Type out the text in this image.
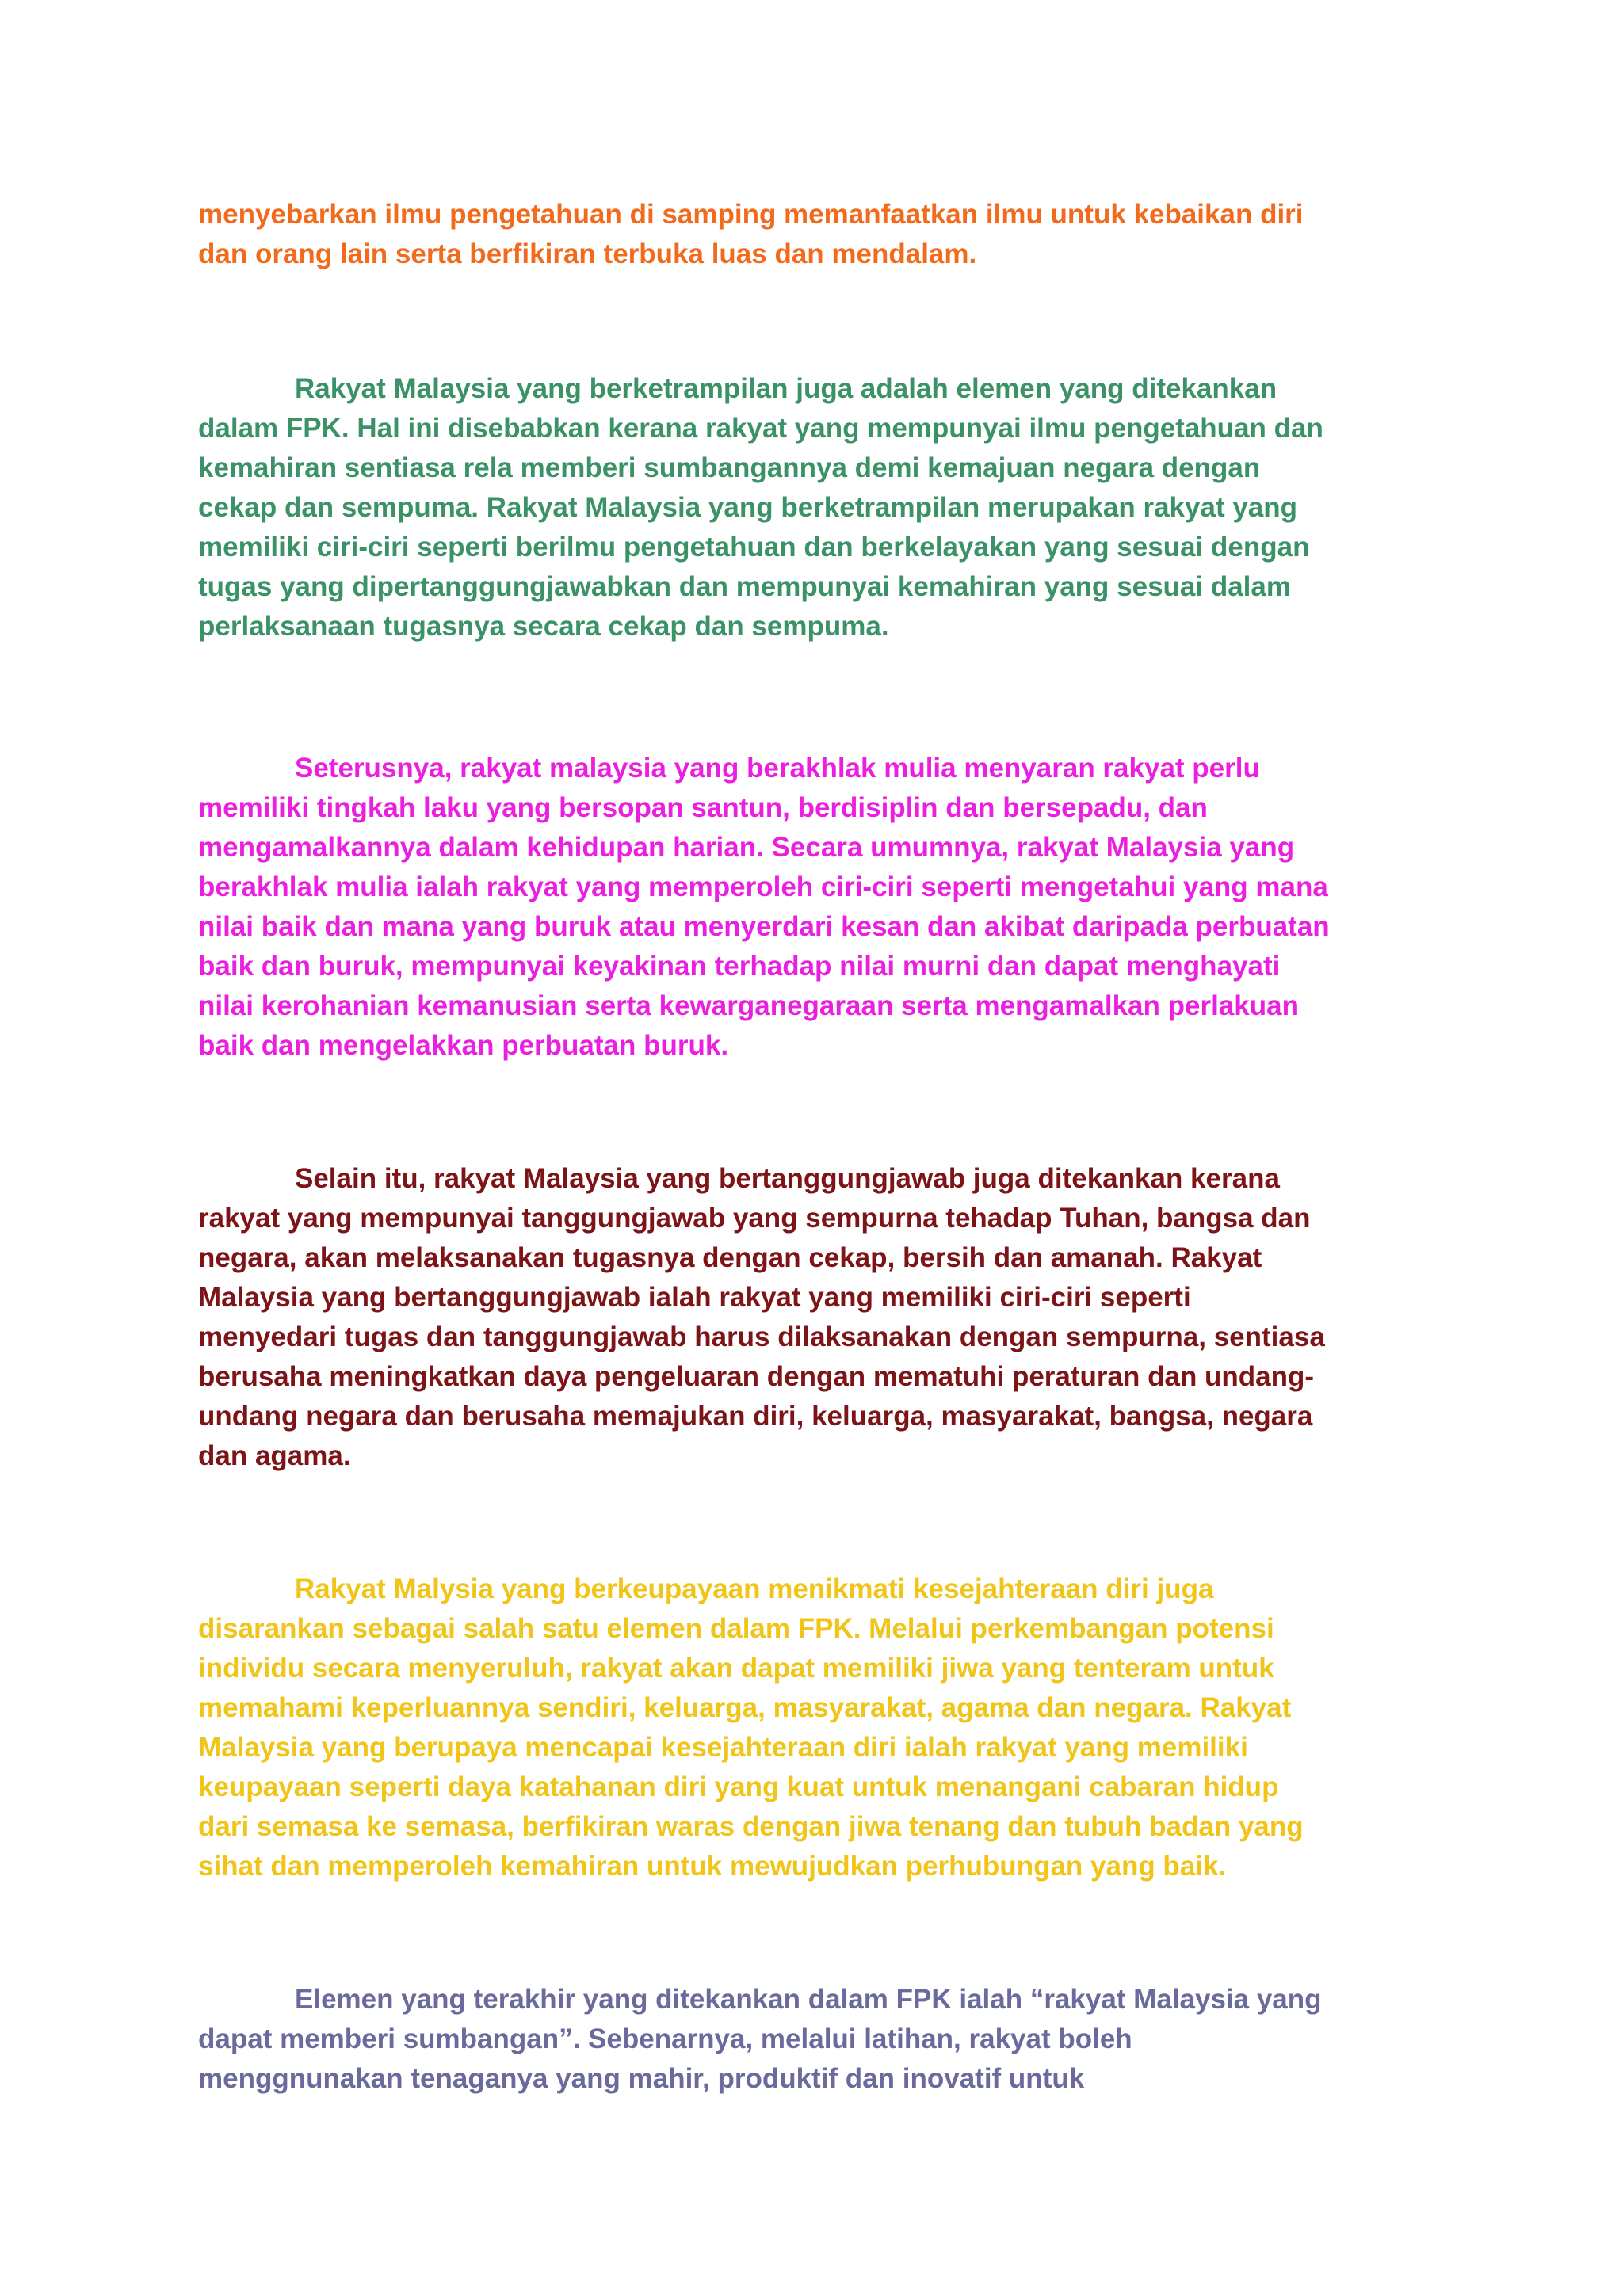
menyebarkan ilmu pengetahuan di samping memanfaatkan ilmu untuk kebaikan diri
dan orang lain serta berfikiran terbuka luas dan mendalam.

Rakyat Malaysia yang berketrampilan juga adalah elemen yang ditekankan
dalam FPK. Hal ini disebabkan kerana rakyat yang mempunyai ilmu pengetahuan dan
kemahiran sentiasa rela memberi sumbangannya demi kemajuan negara dengan
cekap dan sempuma. Rakyat Malaysia yang berketrampilan merupakan rakyat yang
memiliki ciri-ciri seperti berilmu pengetahuan dan berkelayakan yang sesuai dengan
tugas yang dipertanggungjawabkan dan mempunyai kemahiran yang sesuai dalam
perlaksanaan tugasnya secara cekap dan sempuma.

Seterusnya, rakyat malaysia yang berakhlak mulia menyaran rakyat perlu
memiliki tingkah laku yang bersopan santun, berdisiplin dan bersepadu, dan
mengamalkannya dalam kehidupan harian. Secara umumnya, rakyat Malaysia yang
berakhlak mulia ialah rakyat yang memperoleh ciri-ciri seperti mengetahui yang mana
nilai baik dan mana yang buruk atau menyerdari kesan dan akibat daripada perbuatan
baik dan buruk, mempunyai keyakinan terhadap nilai murni dan dapat menghayati
nilai kerohanian kemanusian serta kewarganegaraan serta mengamalkan perlakuan
baik dan mengelakkan perbuatan buruk.

Selain itu, rakyat Malaysia yang bertanggungjawab juga ditekankan kerana
rakyat yang mempunyai tanggungjawab yang sempurna tehadap Tuhan, bangsa dan
negara, akan melaksanakan tugasnya dengan cekap, bersih dan amanah. Rakyat
Malaysia yang bertanggungjawab ialah rakyat yang memiliki ciri-ciri seperti
menyedari tugas dan tanggungjawab harus dilaksanakan dengan sempurna, sentiasa
berusaha meningkatkan daya pengeluaran dengan mematuhi peraturan dan undang-
undang negara dan berusaha memajukan diri, keluarga, masyarakat, bangsa, negara
dan agama.

Rakyat Malysia yang berkeupayaan menikmati kesejahteraan diri juga
disarankan sebagai salah satu elemen dalam FPK. Melalui perkembangan potensi
individu secara menyeruluh, rakyat akan dapat memiliki jiwa yang tenteram untuk
memahami keperluannya sendiri, keluarga, masyarakat, agama dan negara. Rakyat
Malaysia yang berupaya mencapai kesejahteraan diri ialah rakyat yang memiliki
keupayaan seperti daya katahanan diri yang kuat untuk menangani cabaran hidup
dari semasa ke semasa, berfikiran waras dengan jiwa tenang dan tubuh badan yang
sihat dan memperoleh kemahiran untuk mewujudkan perhubungan yang baik.

Elemen yang terakhir yang ditekankan dalam FPK ialah “rakyat Malaysia yang
dapat memberi sumbangan”. Sebenarnya, melalui latihan, rakyat boleh
menggnunakan tenaganya yang mahir, produktif dan inovatif untuk
